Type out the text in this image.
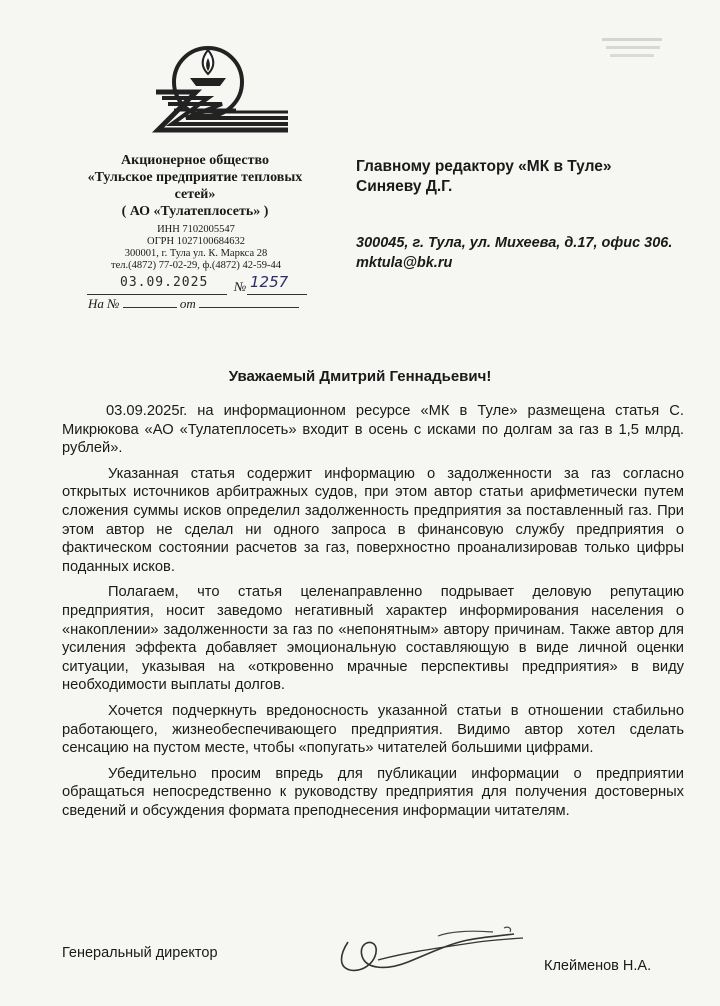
Акционерное общество
«Тульское предприятие тепловых
сетей»
( АО «Тулатеплосеть» )
ИНН 7102005547
ОГРН 1027100684632
300001, г. Тула ул. К. Маркса 28
тел.(4872) 77-02-29, ф.(4872) 42-59-44
03.09.2025 № 1257
На №	от
Главному редактору «МК в Туле»
Синяеву Д.Г.
300045, г. Тула, ул. Михеева, д.17, офис 306.
mktula@bk.ru
Уважаемый Дмитрий Геннадьевич!

03.09.2025г. на информационном ресурсе «МК в Туле» размещена статья С. Микрюкова «АО «Тулатеплосеть» входит в осень с исками по долгам за газ в 1,5 млрд. рублей».

Указанная статья содержит информацию о задолженности за газ согласно открытых источников арбитражных судов, при этом автор статьи арифметически путем сложения суммы исков определил задолженность предприятия за поставленный газ. При этом автор не сделал ни одного запроса в финансовую службу предприятия о фактическом состоянии расчетов за газ, поверхностно проанализировав только цифры поданных исков.

Полагаем, что статья целенаправленно подрывает деловую репутацию предприятия, носит заведомо негативный характер информирования населения о «накоплении» задолженности за газ по «непонятным» автору причинам. Также автор для усиления эффекта добавляет эмоциональную составляющую в виде личной оценки ситуации, указывая на «откровенно мрачные перспективы предприятия» в виду необходимости выплаты долгов.

Хочется подчеркнуть вредоносность указанной статьи в отношении стабильно работающего, жизнеобеспечивающего предприятия. Видимо автор хотел сделать сенсацию на пустом месте, чтобы «попугать» читателей большими цифрами.

Убедительно просим впредь для публикации информации о предприятии обращаться непосредственно к руководству предприятия для получения достоверных сведений и обсуждения формата преподнесения информации читателям.

Генеральный директор
Клейменов Н.А.
